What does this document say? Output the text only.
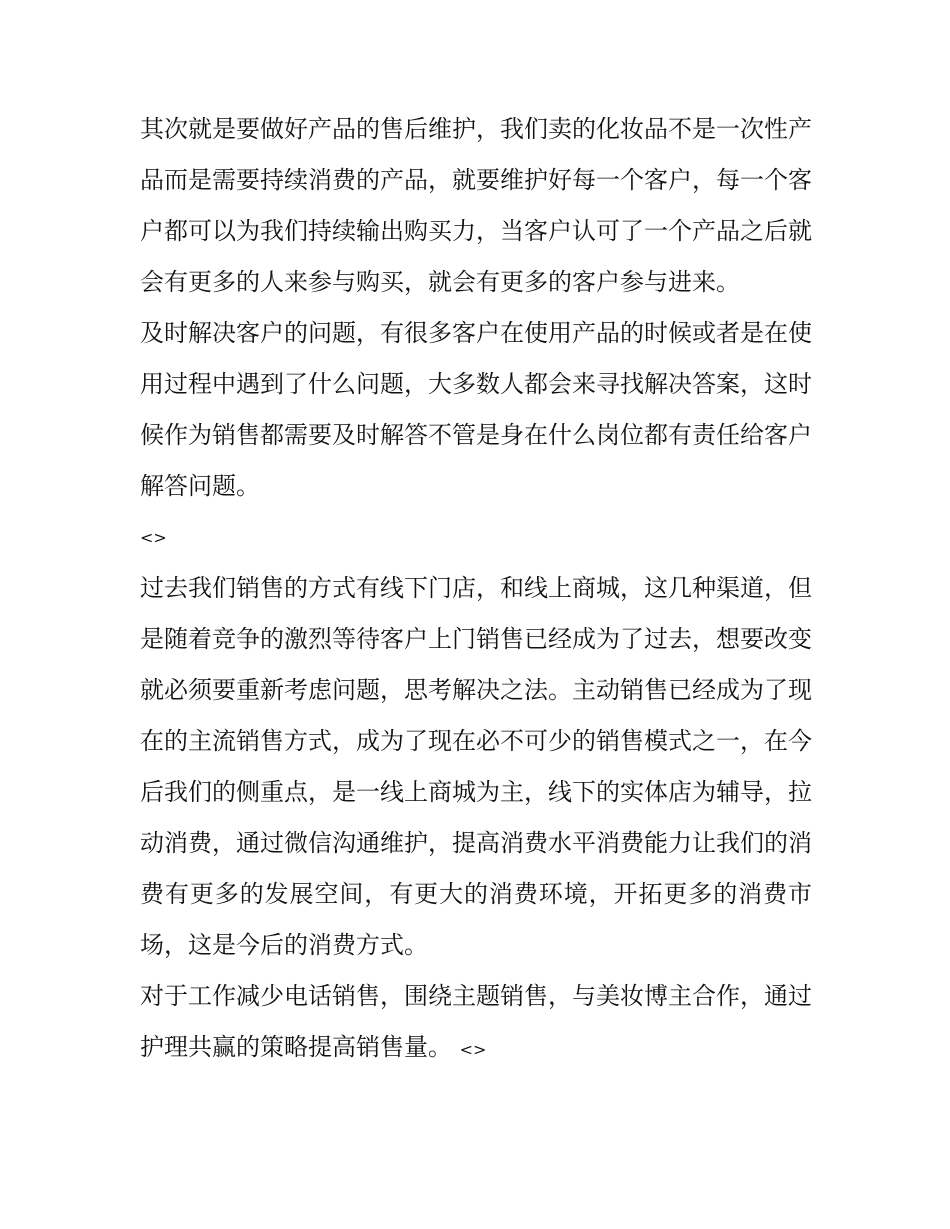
其次就是要做好产品的售后维护，我们卖的化妆品不是一次性产品而是需要持续消费的产品，就要维护好每一个客户，每一个客户都可以为我们持续输出购买力，当客户认可了一个产品之后就会有更多的人来参与购买，就会有更多的客户参与进来。

及时解决客户的问题，有很多客户在使用产品的时候或者是在使用过程中遇到了什么问题，大多数人都会来寻找解决答案，这时候作为销售都需要及时解答不管是身在什么岗位都有责任给客户解答问题。

<>

过去我们销售的方式有线下门店，和线上商城，这几种渠道，但是随着竞争的激烈等待客户上门销售已经成为了过去，想要改变就必须要重新考虑问题，思考解决之法。主动销售已经成为了现在的主流销售方式，成为了现在必不可少的销售模式之一，在今后我们的侧重点，是一线上商城为主，线下的实体店为辅导，拉动消费，通过微信沟通维护，提高消费水平消费能力让我们的消费有更多的发展空间，有更大的消费环境，开拓更多的消费市场，这是今后的消费方式。

对于工作减少电话销售，围绕主题销售，与美妆博主合作，通过护理共赢的策略提高销售量。 <>
